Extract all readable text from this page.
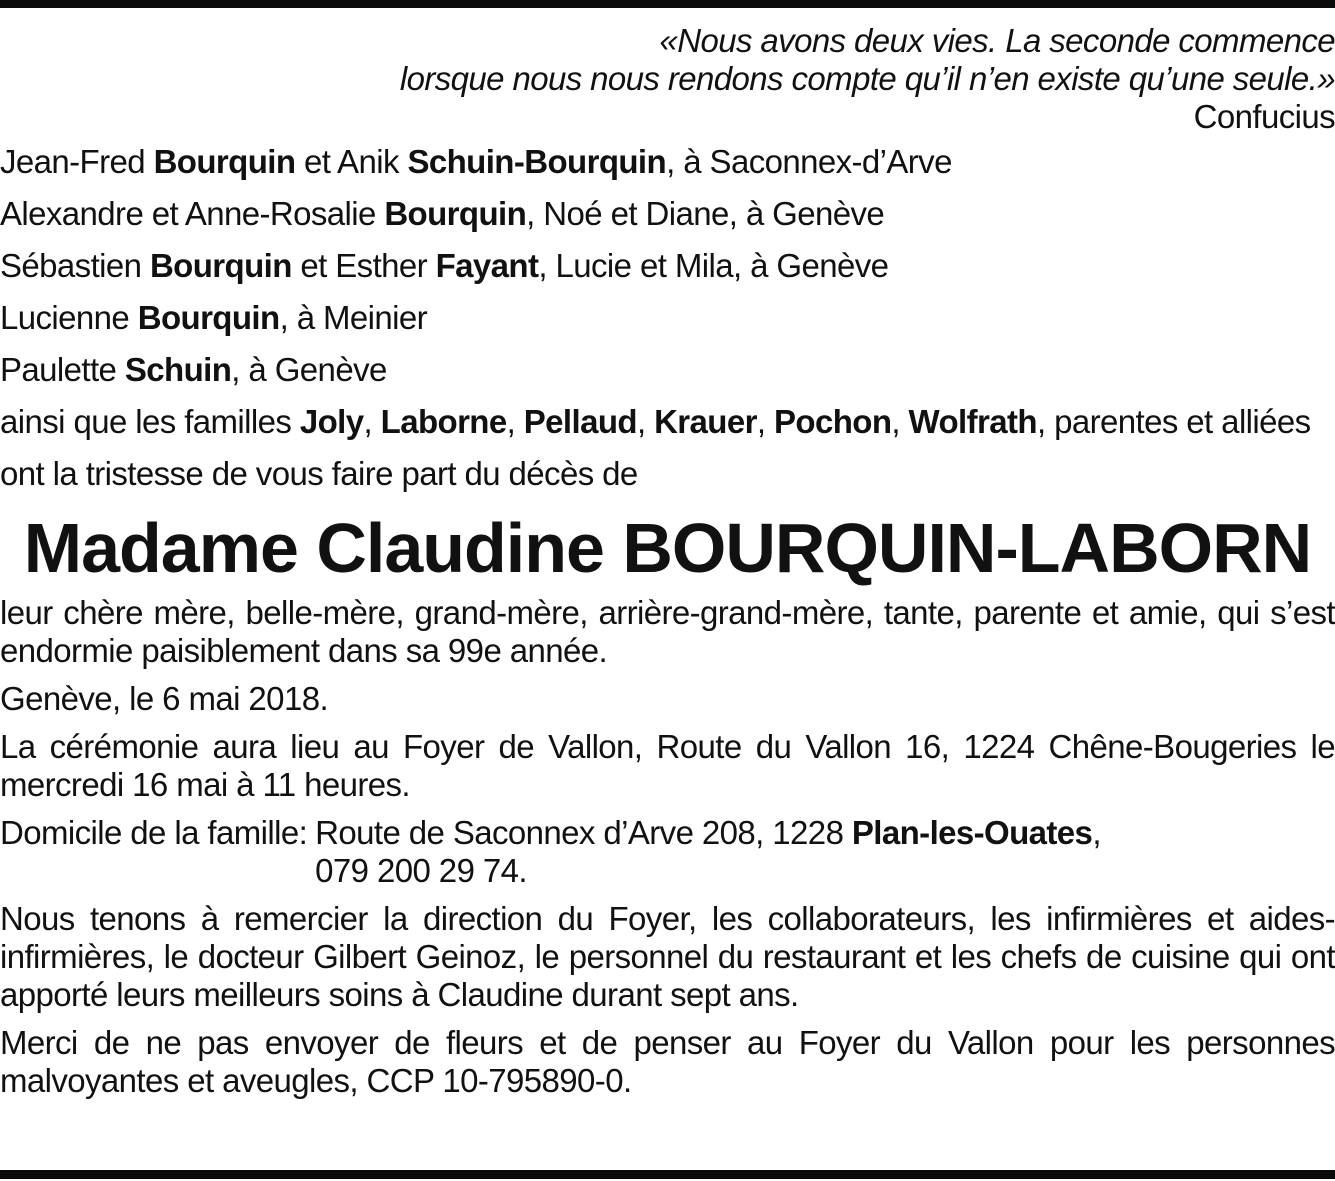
«Nous avons deux vies. La seconde commence
lorsque nous nous rendons compte qu’il n’en existe qu’une seule.»
Confucius
Jean-Fred Bourquin et Anik Schuin-Bourquin, à Saconnex-d’Arve
Alexandre et Anne-Rosalie Bourquin, Noé et Diane, à Genève
Sébastien Bourquin et Esther Fayant, Lucie et Mila, à Genève
Lucienne Bourquin, à Meinier
Paulette Schuin, à Genève
ainsi que les familles Joly, Laborne, Pellaud, Krauer, Pochon, Wolfrath, parentes et alliées
ont la tristesse de vous faire part du décès de
Madame Claudine BOURQUIN-LABORN

leur chère mère, belle-mère, grand-mère, arrière-grand-mère, tante, parente et amie, qui s’est endormie paisiblement dans sa 99e année.

Genève, le 6 mai 2018.

La cérémonie aura lieu au Foyer de Vallon, Route du Vallon 16, 1224 Chêne-Bougeries le mercredi 16 mai à 11 heures.

Domicile de la famille: Route de Saconnex d’Arve 208, 1228 Plan-les-Ouates,
079 200 29 74.

Nous tenons à remercier la direction du Foyer, les collaborateurs, les infirmières et aides-infirmières, le docteur Gilbert Geinoz, le personnel du restaurant et les chefs de cuisine qui ont apporté leurs meilleurs soins à Claudine durant sept ans.

Merci de ne pas envoyer de fleurs et de penser au Foyer du Vallon pour les personnes malvoyantes et aveugles, CCP 10-795890-0.
